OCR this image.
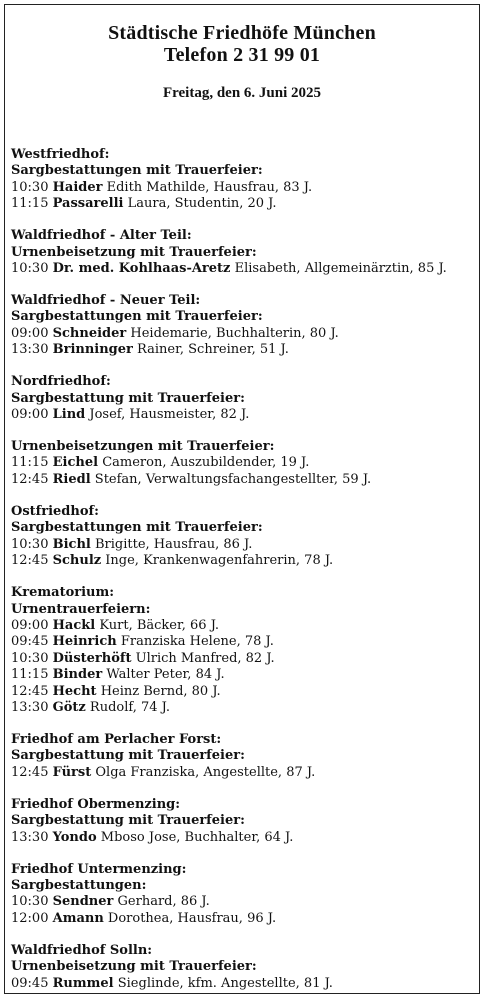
Städtische Friedhöfe München
Telefon 2 31 99 01
Freitag, den 6. Juni 2025
Westfriedhof:
Sargbestattungen mit Trauerfeier:
10:30 Haider Edith Mathilde, Hausfrau, 83 J.
11:15 Passarelli Laura, Studentin, 20 J.
Waldfriedhof - Alter Teil:
Urnenbeisetzung mit Trauerfeier:
10:30 Dr. med. Kohlhaas-Aretz Elisabeth, Allgemeinärztin, 85 J.
Waldfriedhof - Neuer Teil:
Sargbestattungen mit Trauerfeier:
09:00 Schneider Heidemarie, Buchhalterin, 80 J.
13:30 Brinninger Rainer, Schreiner, 51 J.
Nordfriedhof:
Sargbestattung mit Trauerfeier:
09:00 Lind Josef, Hausmeister, 82 J.
Urnenbeisetzungen mit Trauerfeier:
11:15 Eichel Cameron, Auszubildender, 19 J.
12:45 Riedl Stefan, Verwaltungsfachangestellter, 59 J.
Ostfriedhof:
Sargbestattungen mit Trauerfeier:
10:30 Bichl Brigitte, Hausfrau, 86 J.
12:45 Schulz Inge, Krankenwagenfahrerin, 78 J.
Krematorium:
Urnentrauerfeiern:
09:00 Hackl Kurt, Bäcker, 66 J.
09:45 Heinrich Franziska Helene, 78 J.
10:30 Düsterhöft Ulrich Manfred, 82 J.
11:15 Binder Walter Peter, 84 J.
12:45 Hecht Heinz Bernd, 80 J.
13:30 Götz Rudolf, 74 J.
Friedhof am Perlacher Forst:
Sargbestattung mit Trauerfeier:
12:45 Fürst Olga Franziska, Angestellte, 87 J.
Friedhof Obermenzing:
Sargbestattung mit Trauerfeier:
13:30 Yondo Mboso Jose, Buchhalter, 64 J.
Friedhof Untermenzing:
Sargbestattungen:
10:30 Sendner Gerhard, 86 J.
12:00 Amann Dorothea, Hausfrau, 96 J.
Waldfriedhof Solln:
Urnenbeisetzung mit Trauerfeier:
09:45 Rummel Sieglinde, kfm. Angestellte, 81 J.
